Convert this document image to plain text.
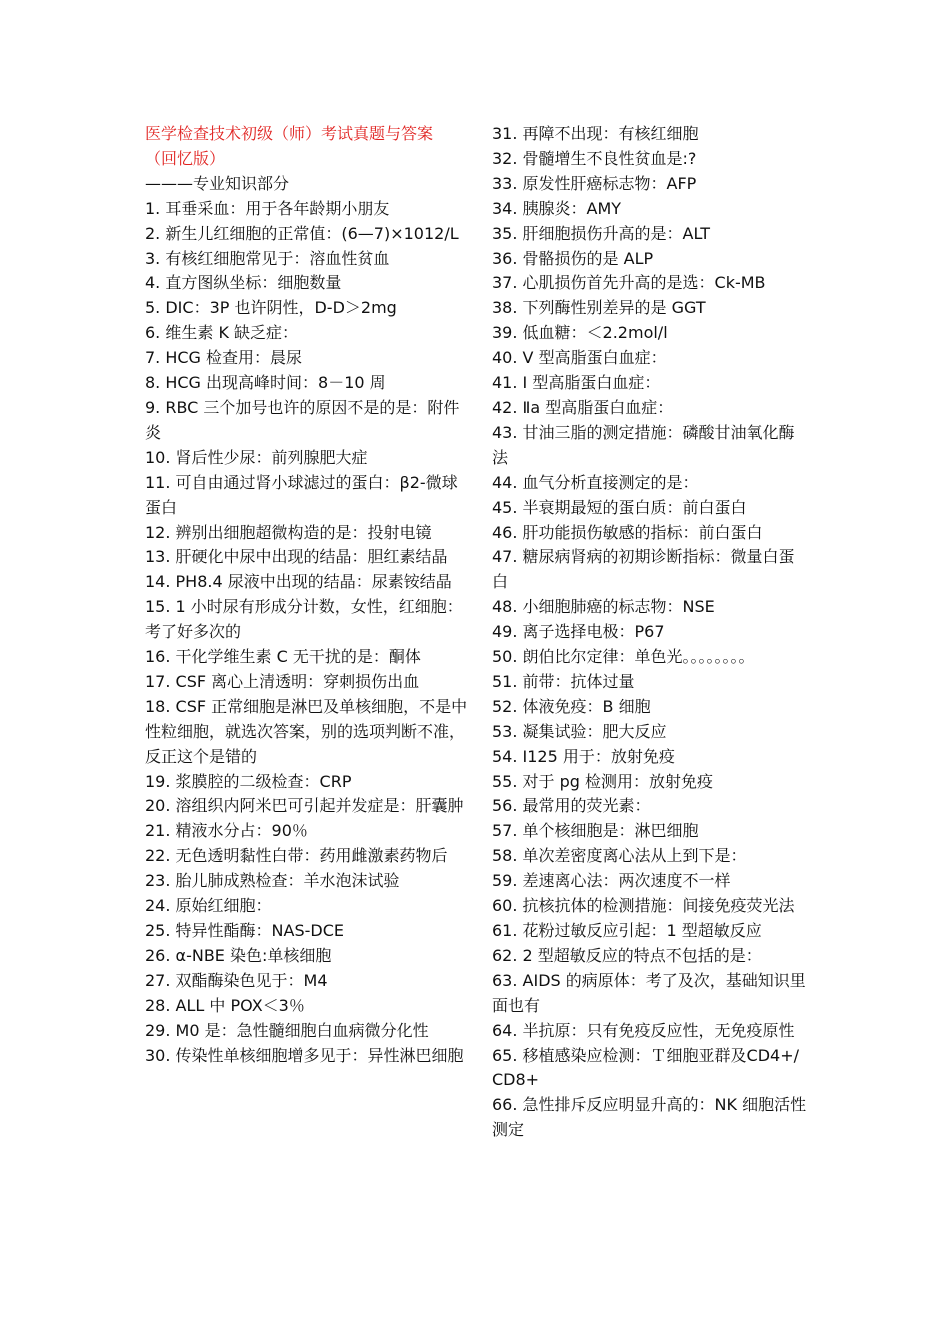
医学检查技术初级（师）考试真题与答案
（回忆版）
———专业知识部分
1. 耳垂采血：用于各年龄期小朋友
2. 新生儿红细胞的正常值：(6—7)×1012/L
3. 有核红细胞常见于：溶血性贫血
4. 直方图纵坐标：细胞数量
5. DIC：3P 也许阴性，D-D＞2mg
6. 维生素 K 缺乏症：
7. HCG 检查用：晨尿
8. HCG 出现高峰时间：8－10 周
9. RBC 三个加号也许的原因不是的是：附件炎
10. 肾后性少尿：前列腺肥大症
11. 可自由通过肾小球滤过的蛋白：β2-微球蛋白
12. 辨别出细胞超微构造的是：投射电镜
13. 肝硬化中尿中出现的结晶：胆红素结晶
14. PH8.4 尿液中出现的结晶：尿素铵结晶
15. 1 小时尿有形成分计数，女性，红细胞：考了好多次的
16. 干化学维生素 C 无干扰的是：酮体
17. CSF 离心上清透明：穿刺损伤出血
18. CSF 正常细胞是淋巴及单核细胞，不是中性粒细胞，就选次答案，别的选项判断不准，反正这个是错的
19. 浆膜腔的二级检查：CRP
20. 溶组织内阿米巴可引起并发症是：肝囊肿
21. 精液水分占：90％
22. 无色透明黏性白带：药用雌激素药物后
23. 胎儿肺成熟检查：羊水泡沫试验
24. 原始红细胞：
25. 特异性酯酶：NAS-DCE
26. α-NBE 染色:单核细胞
27. 双酯酶染色见于：M4
28. ALL 中 POX＜3％
29. M0 是：急性髓细胞白血病微分化性
30. 传染性单核细胞增多见于：异性淋巴细胞
31. 再障不出现：有核红细胞
32. 骨髓增生不良性贫血是:?
33. 原发性肝癌标志物：AFP
34. 胰腺炎：AMY
35. 肝细胞损伤升高的是：ALT
36. 骨骼损伤的是 ALP
37. 心肌损伤首先升高的是选：Ck-MB
38. 下列酶性别差异的是 GGT
39. 低血糖：＜2.2mol/l
40. Ⅴ 型高脂蛋白血症：
41. Ⅰ 型高脂蛋白血症：
42. Ⅱa 型高脂蛋白血症：
43. 甘油三脂的测定措施：磷酸甘油氧化酶法
44. 血气分析直接测定的是：
45. 半衰期最短的蛋白质：前白蛋白
46. 肝功能损伤敏感的指标：前白蛋白
47. 糖尿病肾病的初期诊断指标：微量白蛋白
48. 小细胞肺癌的标志物：NSE
49. 离子选择电极：P67
50. 朗伯比尔定律：单色光。。。。。。。。
51. 前带：抗体过量
52. 体液免疫：B 细胞
53. 凝集试验：肥大反应
54. I125 用于：放射免疫
55. 对于 pg 检测用：放射免疫
56. 最常用的荧光素：
57. 单个核细胞是：淋巴细胞
58. 单次差密度离心法从上到下是：
59. 差速离心法：两次速度不一样
60. 抗核抗体的检测措施：间接免疫荧光法
61. 花粉过敏反应引起：1 型超敏反应
62. 2 型超敏反应的特点不包括的是：
63. AIDS 的病原体：考了及次，基础知识里面也有
64. 半抗原：只有免疫反应性，无免疫原性
65. 移植感染应检测：Ｔ细胞亚群及CD4+/CD8+
66. 急性排斥反应明显升高的：NK 细胞活性测定
